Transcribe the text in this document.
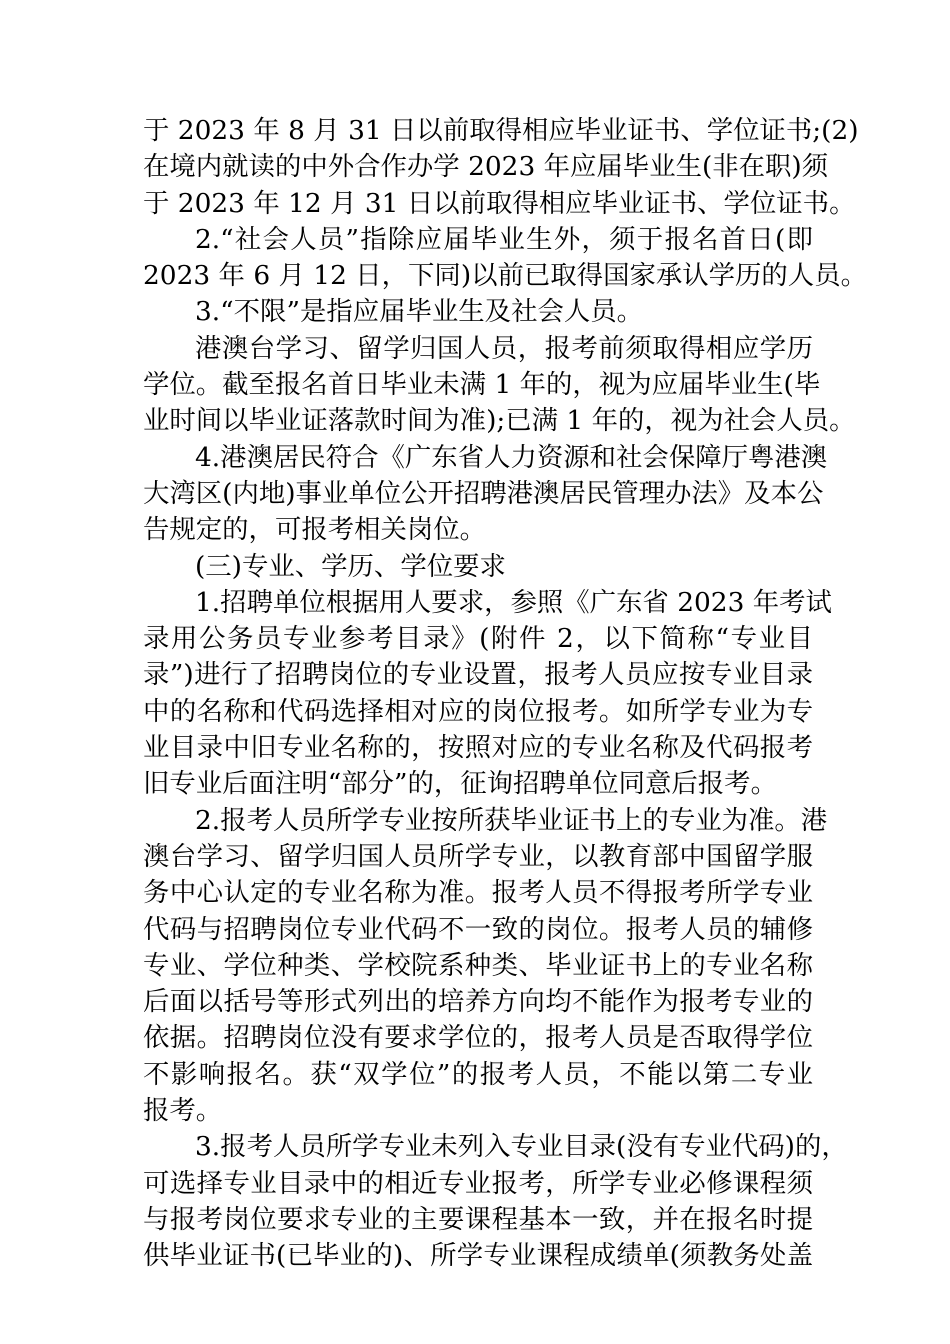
于 2023 年 8 月 31 日以前取得相应毕业证书、学位证书;(2)
在境内就读的中外合作办学 2023 年应届毕业生(非在职)须
于 2023 年 12 月 31 日以前取得相应毕业证书、学位证书。
2.“社会人员”指除应届毕业生外，须于报名首日(即
2023 年 6 月 12 日，下同)以前已取得国家承认学历的人员。
3.“不限”是指应届毕业生及社会人员。
港澳台学习、留学归国人员，报考前须取得相应学历
学位。截至报名首日毕业未满 1 年的，视为应届毕业生(毕
业时间以毕业证落款时间为准);已满 1 年的，视为社会人员。
4.港澳居民符合《广东省人力资源和社会保障厅粤港澳
大湾区(内地)事业单位公开招聘港澳居民管理办法》及本公
告规定的，可报考相关岗位。
(三)专业、学历、学位要求
1.招聘单位根据用人要求，参照《广东省 2023 年考试
录用公务员专业参考目录》(附件 2，以下简称“专业目
录”)进行了招聘岗位的专业设置，报考人员应按专业目录
中的名称和代码选择相对应的岗位报考。如所学专业为专
业目录中旧专业名称的，按照对应的专业名称及代码报考
旧专业后面注明“部分”的，征询招聘单位同意后报考。
2.报考人员所学专业按所获毕业证书上的专业为准。港
澳台学习、留学归国人员所学专业，以教育部中国留学服
务中心认定的专业名称为准。报考人员不得报考所学专业
代码与招聘岗位专业代码不一致的岗位。报考人员的辅修
专业、学位种类、学校院系种类、毕业证书上的专业名称
后面以括号等形式列出的培养方向均不能作为报考专业的
依据。招聘岗位没有要求学位的，报考人员是否取得学位
不影响报名。获“双学位”的报考人员，不能以第二专业
报考。
3.报考人员所学专业未列入专业目录(没有专业代码)的，
可选择专业目录中的相近专业报考，所学专业必修课程须
与报考岗位要求专业的主要课程基本一致，并在报名时提
供毕业证书(已毕业的)、所学专业课程成绩单(须教务处盖
